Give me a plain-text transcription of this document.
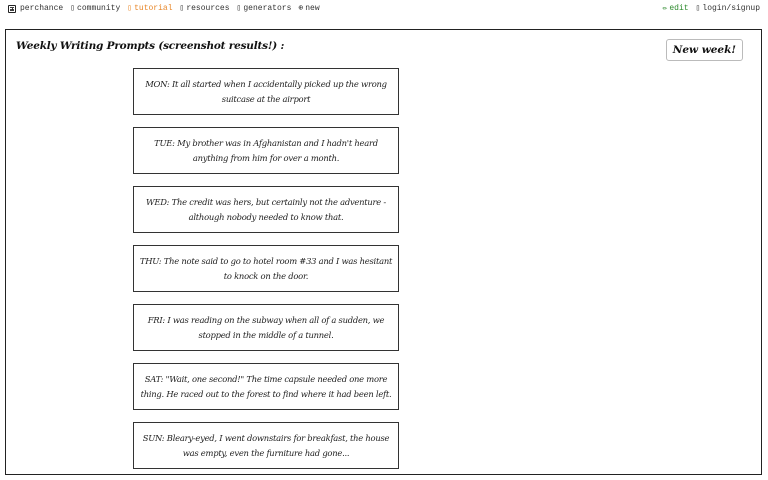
perchance ▯ community ▯ tutorial ▯ resources ▯ generators ⊕ new	✏ edit ▯ login/signup
Weekly Writing Prompts (screenshot results!) :	New week!
MON: It all started when I accidentally picked up the wrong suitcase at the airport
TUE: My brother was in Afghanistan and I hadn't heard anything from him for over a month.
WED: The credit was hers, but certainly not the adventure - although nobody needed to know that.
THU: The note said to go to hotel room #33 and I was hesitant to knock on the door.
FRI: I was reading on the subway when all of a sudden, we stopped in the middle of a tunnel.
SAT: "Wait, one second!" The time capsule needed one more thing. He raced out to the forest to find where it had been left.
SUN: Bleary-eyed, I went downstairs for breakfast, the house was empty, even the furniture had gone...
